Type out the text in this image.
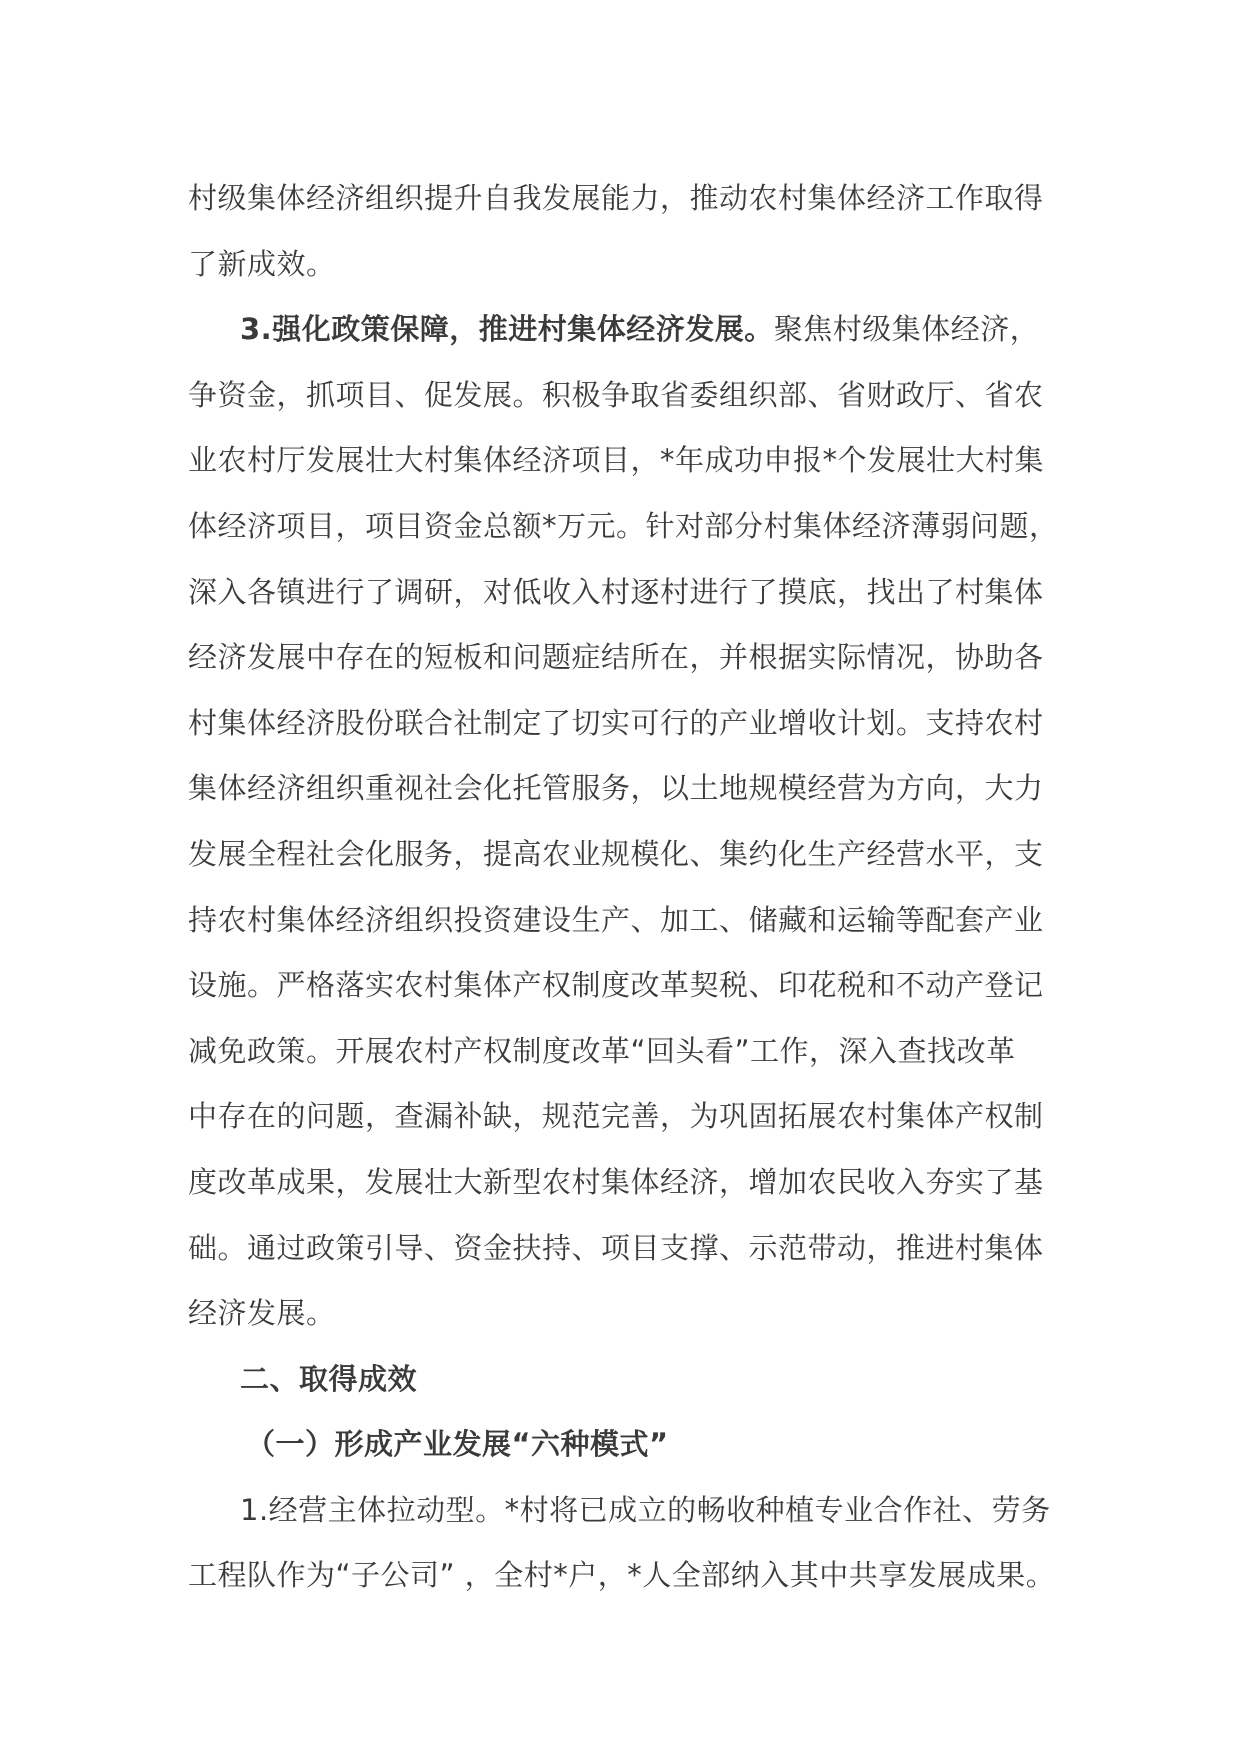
村级集体经济组织提升自我发展能力，推动农村集体经济工作取得
了新成效。
3.强化政策保障，推进村集体经济发展。聚焦村级集体经济，
争资金，抓项目、促发展。积极争取省委组织部、省财政厅、省农
业农村厅发展壮大村集体经济项目，*年成功申报*个发展壮大村集
体经济项目，项目资金总额*万元。针对部分村集体经济薄弱问题，
深入各镇进行了调研，对低收入村逐村进行了摸底，找出了村集体
经济发展中存在的短板和问题症结所在，并根据实际情况，协助各
村集体经济股份联合社制定了切实可行的产业增收计划。支持农村
集体经济组织重视社会化托管服务，以土地规模经营为方向，大力
发展全程社会化服务，提高农业规模化、集约化生产经营水平，支
持农村集体经济组织投资建设生产、加工、储藏和运输等配套产业
设施。严格落实农村集体产权制度改革契税、印花税和不动产登记
减免政策。开展农村产权制度改革“回头看”工作，深入查找改革
中存在的问题，查漏补缺，规范完善，为巩固拓展农村集体产权制
度改革成果，发展壮大新型农村集体经济，增加农民收入夯实了基
础。通过政策引导、资金扶持、项目支撑、示范带动，推进村集体
经济发展。
二、取得成效
（一）形成产业发展“六种模式”
1.经营主体拉动型。*村将已成立的畅收种植专业合作社、劳务
工程队作为“子公司” ，全村*户，*人全部纳入其中共享发展成果。
